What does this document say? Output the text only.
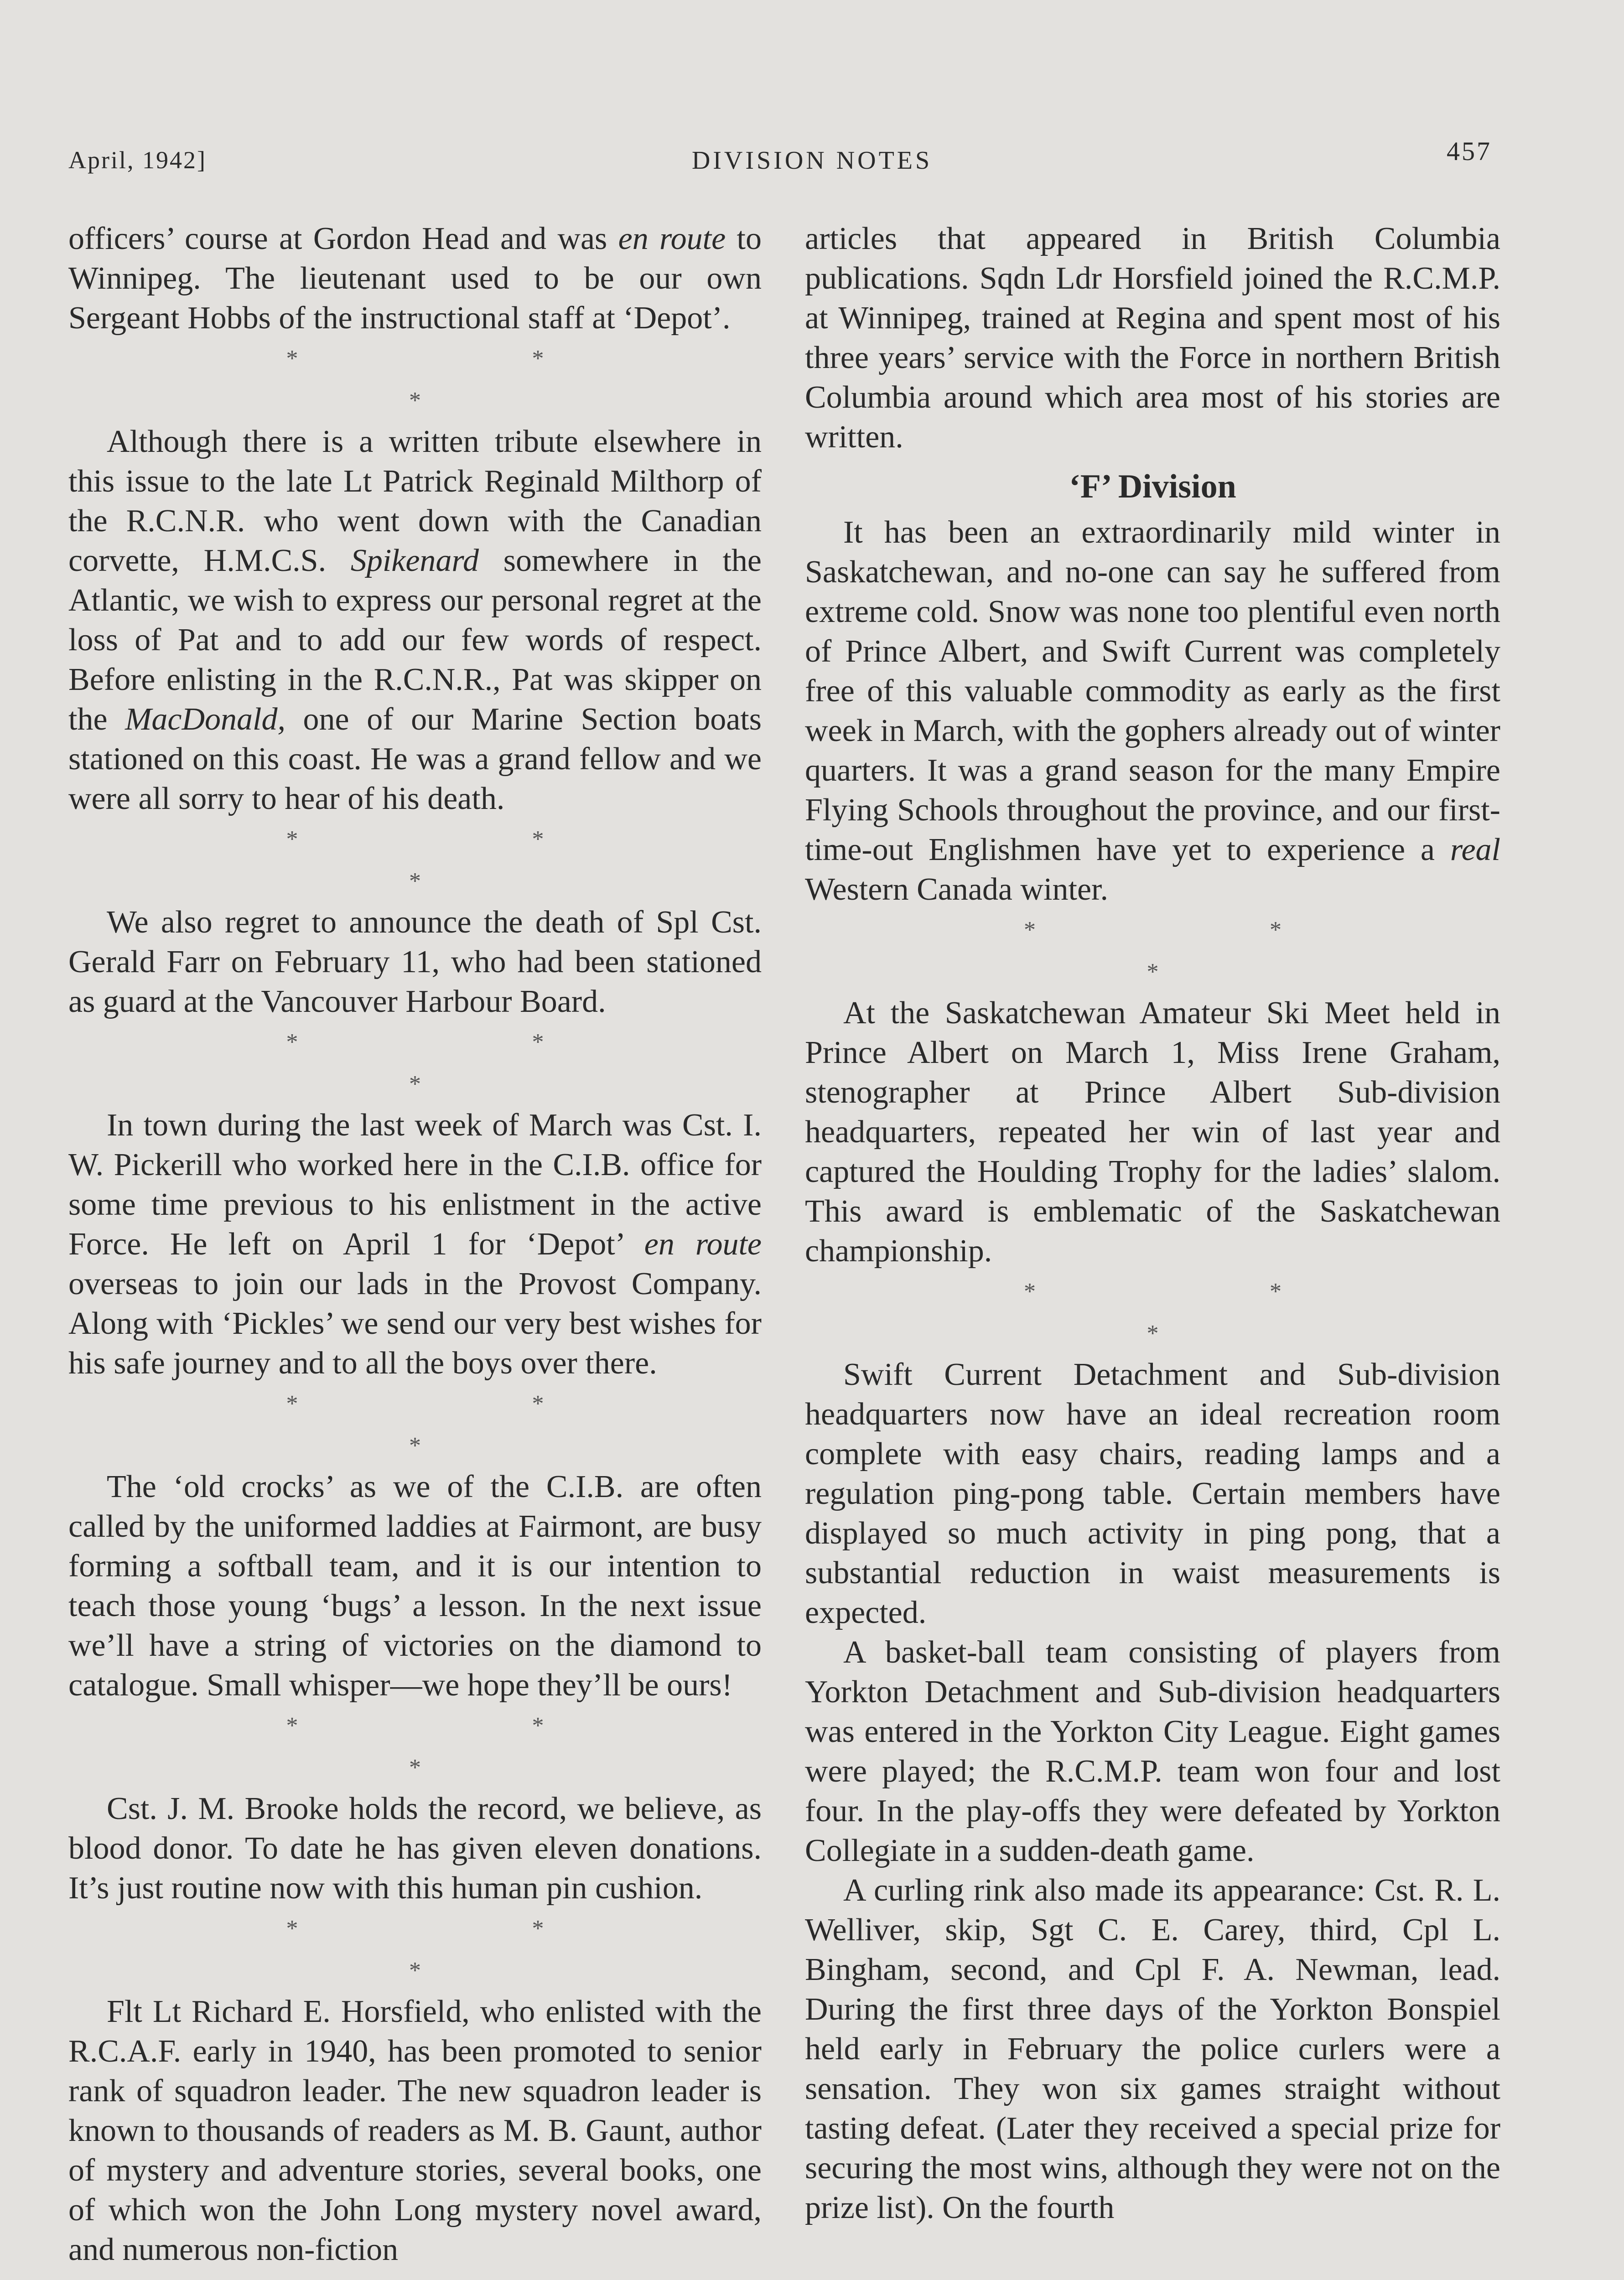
April, 1942]	DIVISION NOTES	457

officers’ course at Gordon Head and was en route to Winnipeg. The lieutenant used to be our own Sergeant Hobbs of the instructional staff at ‘Depot’.

* * *

Although there is a written tribute elsewhere in this issue to the late Lt Patrick Reginald Milthorp of the R.C.N.R. who went down with the Canadian corvette, H.M.C.S. Spikenard somewhere in the Atlantic, we wish to express our personal regret at the loss of Pat and to add our few words of respect. Before enlisting in the R.C.N.R., Pat was skipper on the MacDonald, one of our Marine Section boats stationed on this coast. He was a grand fellow and we were all sorry to hear of his death.

* * *

We also regret to announce the death of Spl Cst. Gerald Farr on February 11, who had been stationed as guard at the Vancouver Harbour Board.

* * *

In town during the last week of March was Cst. I. W. Pickerill who worked here in the C.I.B. office for some time previous to his enlistment in the active Force. He left on April 1 for ‘Depot’ en route overseas to join our lads in the Provost Company. Along with ‘Pickles’ we send our very best wishes for his safe journey and to all the boys over there.

* * *

The ‘old crocks’ as we of the C.I.B. are often called by the uniformed laddies at Fairmont, are busy forming a softball team, and it is our intention to teach those young ‘bugs’ a lesson. In the next issue we’ll have a string of victories on the diamond to catalogue. Small whisper—we hope they’ll be ours!

* * *

Cst. J. M. Brooke holds the record, we believe, as blood donor. To date he has given eleven donations. It’s just routine now with this human pin cushion.

* * *

Flt Lt Richard E. Horsfield, who enlisted with the R.C.A.F. early in 1940, has been promoted to senior rank of squadron leader. The new squadron leader is known to thousands of readers as M. B. Gaunt, author of mystery and adventure stories, several books, one of which won the John Long mystery novel award, and numerous non-fiction

articles that appeared in British Columbia publications. Sqdn Ldr Horsfield joined the R.C.M.P. at Winnipeg, trained at Regina and spent most of his three years’ service with the Force in northern British Columbia around which area most of his stories are written.

‘F’ Division

It has been an extraordinarily mild winter in Saskatchewan, and no-one can say he suffered from extreme cold. Snow was none too plentiful even north of Prince Albert, and Swift Current was completely free of this valuable commodity as early as the first week in March, with the gophers already out of winter quarters. It was a grand season for the many Empire Flying Schools throughout the province, and our first-time-out Englishmen have yet to experience a real Western Canada winter.

* * *

At the Saskatchewan Amateur Ski Meet held in Prince Albert on March 1, Miss Irene Graham, stenographer at Prince Albert Sub-division headquarters, repeated her win of last year and captured the Houlding Trophy for the ladies’ slalom. This award is emblematic of the Saskatchewan championship.

* * *

Swift Current Detachment and Sub-division headquarters now have an ideal recreation room complete with easy chairs, reading lamps and a regulation ping-pong table. Certain members have displayed so much activity in ping pong, that a substantial reduction in waist measurements is expected.

A basket-ball team consisting of players from Yorkton Detachment and Sub-division headquarters was entered in the Yorkton City League. Eight games were played; the R.C.M.P. team won four and lost four. In the play-offs they were defeated by Yorkton Collegiate in a sudden-death game.

A curling rink also made its appearance: Cst. R. L. Welliver, skip, Sgt C. E. Carey, third, Cpl L. Bingham, second, and Cpl F. A. Newman, lead. During the first three days of the Yorkton Bonspiel held early in February the police curlers were a sensation. They won six games straight without tasting defeat. (Later they received a special prize for securing the most wins, although they were not on the prize list). On the fourth
